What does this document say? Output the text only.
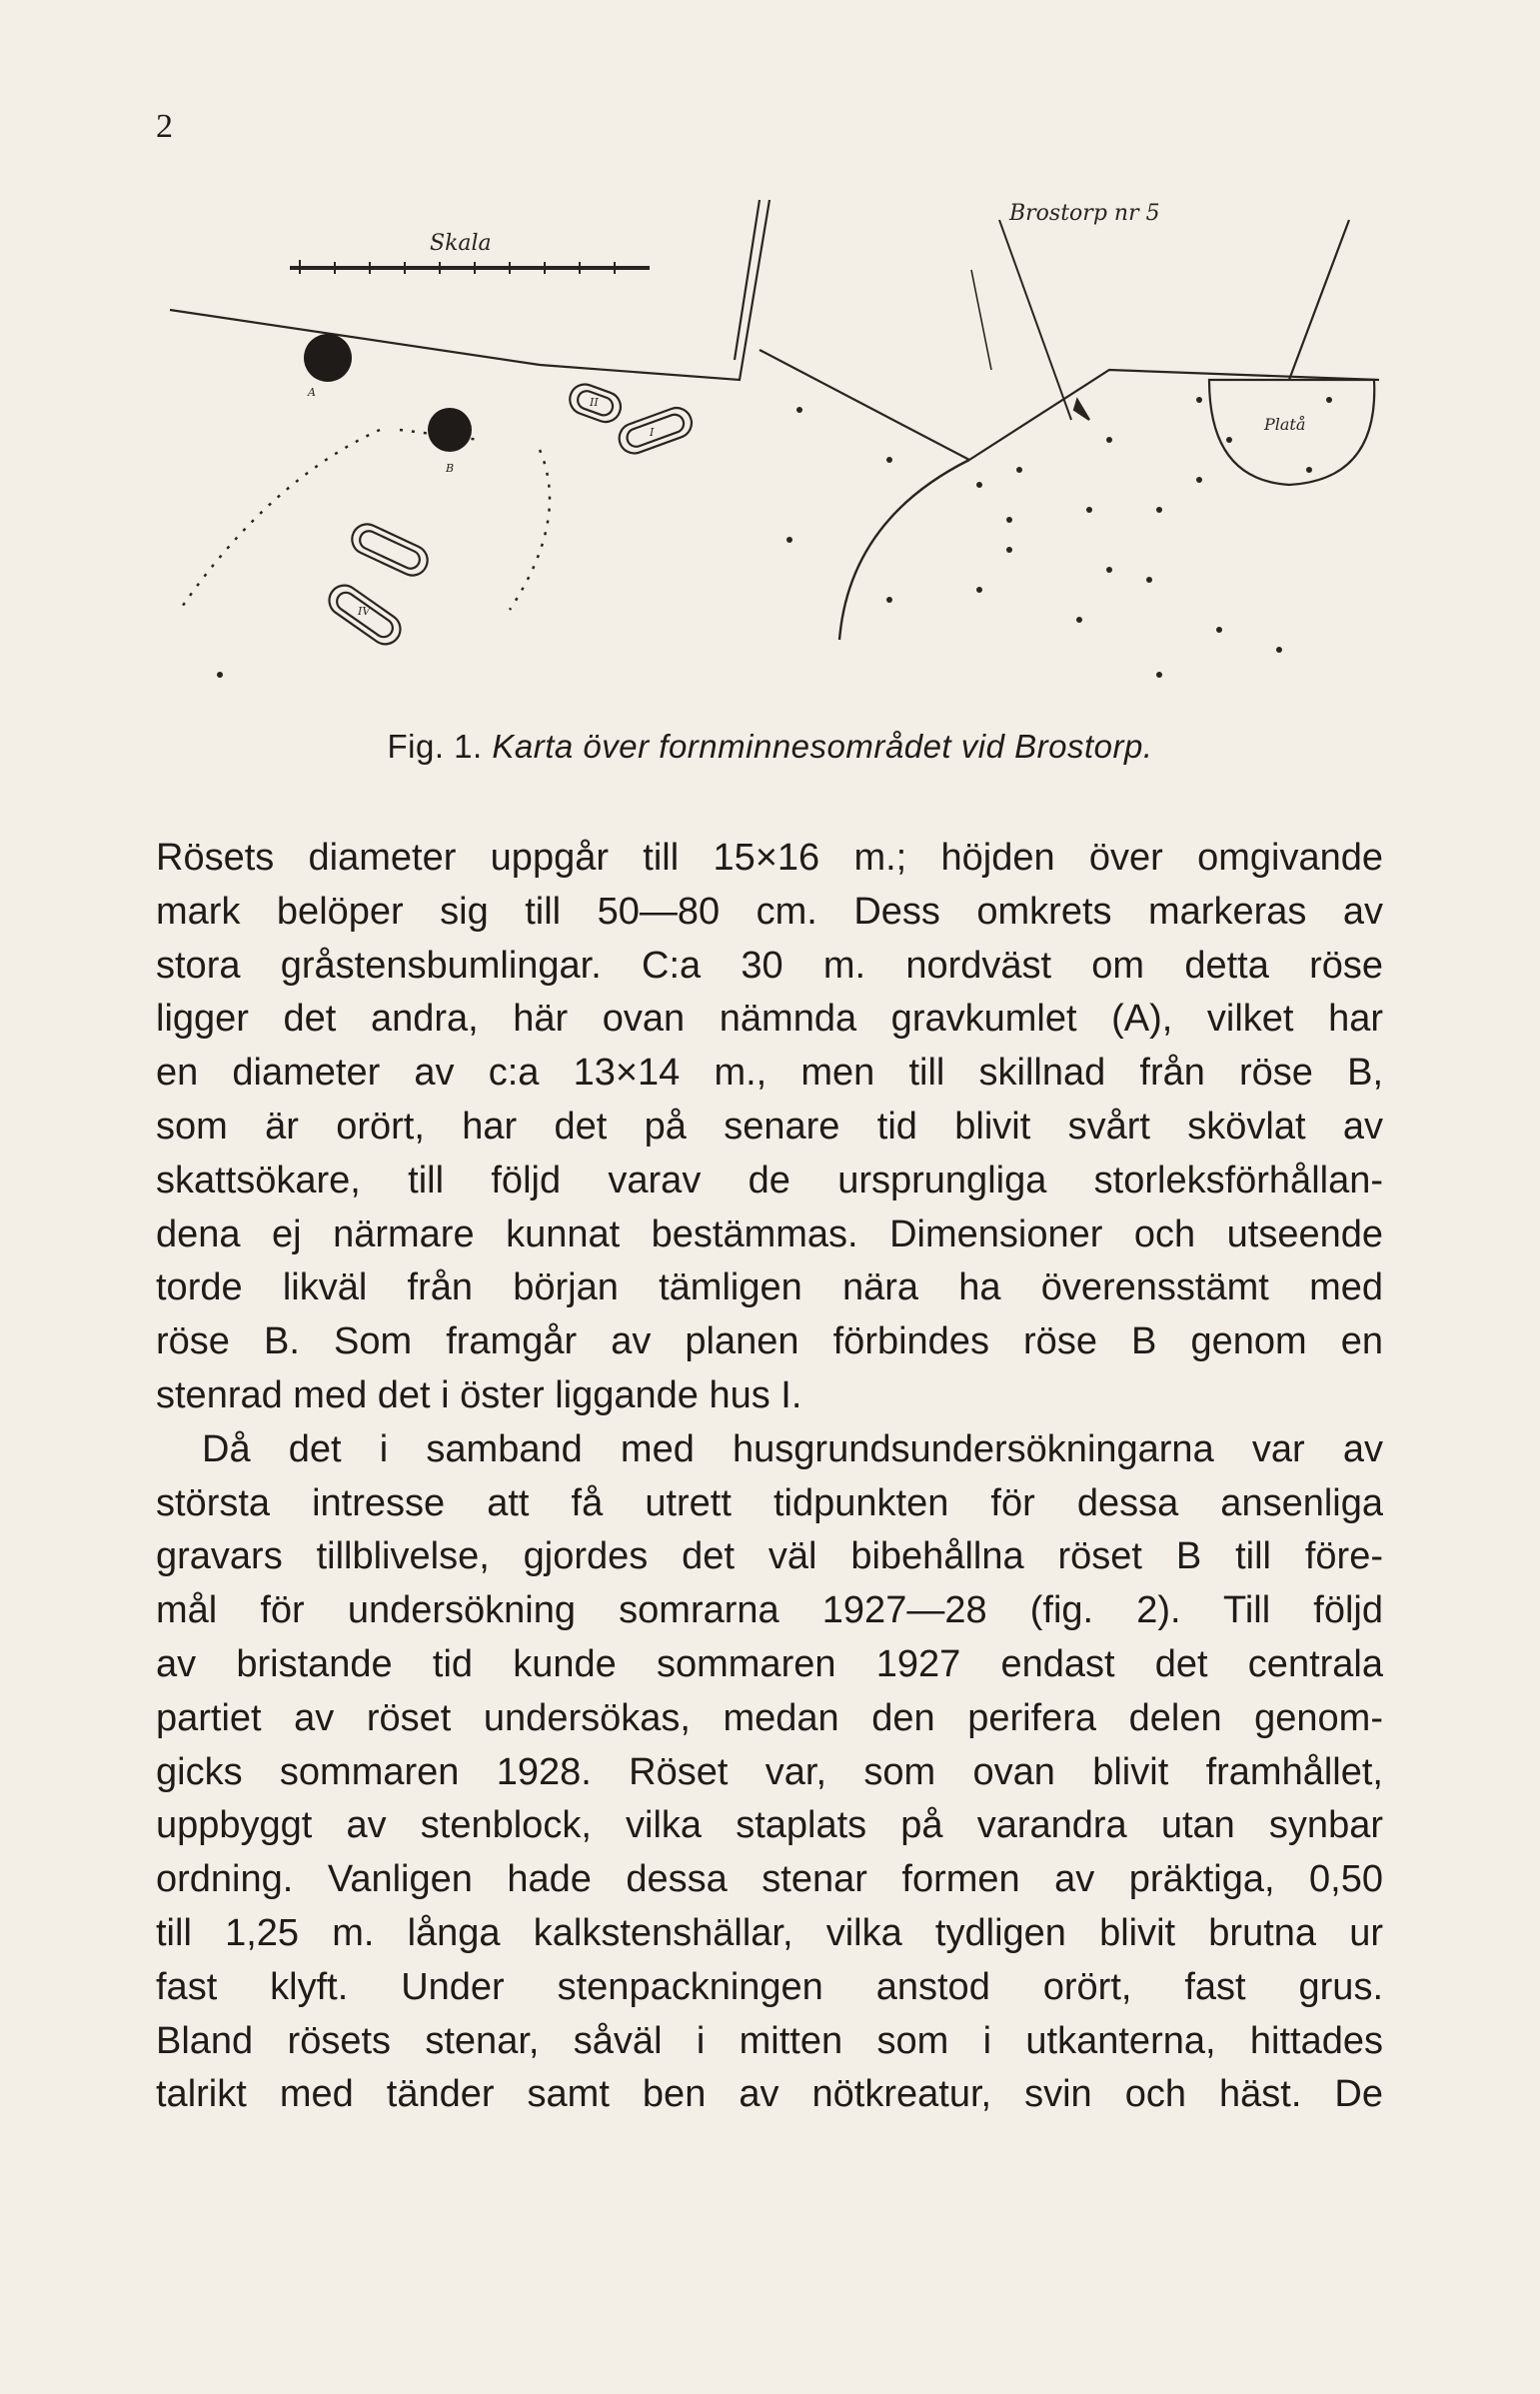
2
Skala
Brostorp nr 5
Platå
A
B
I
II
IV
Fig. 1. Karta över fornminnesområdet vid Brostorp.
Rösets diameter uppgår till 15×16 m.; höjden över omgivande
mark belöper sig till 50—80 cm. Dess omkrets markeras av
stora gråstensbumlingar. C:a 30 m. nordväst om detta röse
ligger det andra, här ovan nämnda gravkumlet (A), vilket har
en diameter av c:a 13×14 m., men till skillnad från röse B,
som är orört, har det på senare tid blivit svårt skövlat av
skattsökare, till följd varav de ursprungliga storleksförhållan-
dena ej närmare kunnat bestämmas. Dimensioner och utseende
torde likväl från början tämligen nära ha överensstämt med
röse B. Som framgår av planen förbindes röse B genom en
stenrad med det i öster liggande hus I.
Då det i samband med husgrundsundersökningarna var av
största intresse att få utrett tidpunkten för dessa ansenliga
gravars tillblivelse, gjordes det väl bibehållna röset B till före-
mål för undersökning somrarna 1927—28 (fig. 2). Till följd
av bristande tid kunde sommaren 1927 endast det centrala
partiet av röset undersökas, medan den perifera delen genom-
gicks sommaren 1928. Röset var, som ovan blivit framhållet,
uppbyggt av stenblock, vilka staplats på varandra utan synbar
ordning. Vanligen hade dessa stenar formen av präktiga, 0,50
till 1,25 m. långa kalkstenshällar, vilka tydligen blivit brutna ur
fast klyft. Under stenpackningen anstod orört, fast grus.
Bland rösets stenar, såväl i mitten som i utkanterna, hittades
talrikt med tänder samt ben av nötkreatur, svin och häst. De
